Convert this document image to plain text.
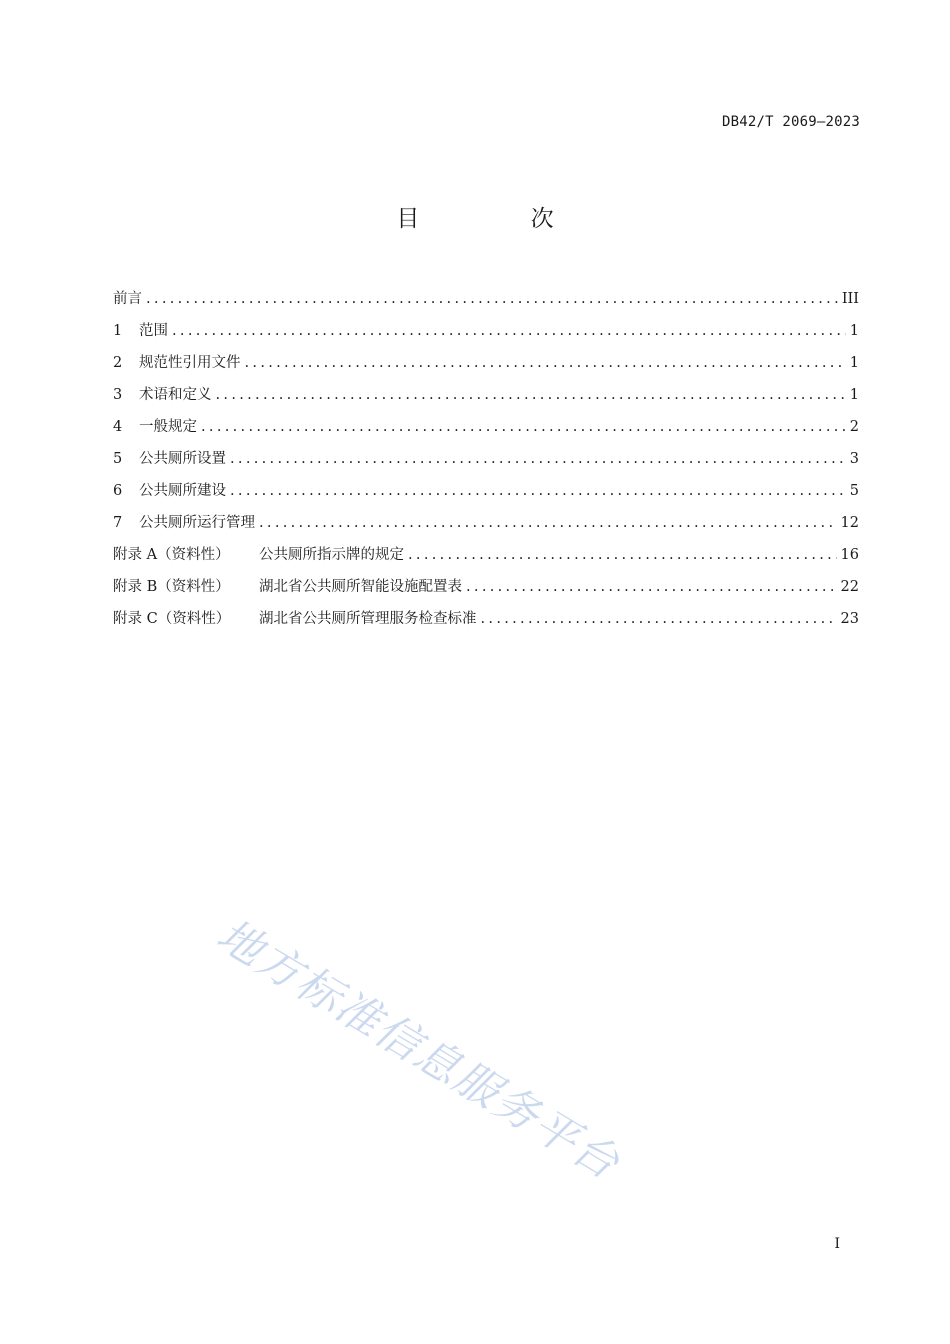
DB42/T 2069—2023
目 次
前言 .....	III
1 范围 .....	1
2 规范性引用文件 .....	1
3 术语和定义 .....	1
4 一般规定 .....	2
5 公共厕所设置 .....	3
6 公共厕所建设 .....	5
7 公共厕所运行管理 .....	12
附录 A（资料性） 公共厕所指示牌的规定 .....	16
附录 B（资料性） 湖北省公共厕所智能设施配置表 .....	22
附录 C（资料性） 湖北省公共厕所管理服务检查标准 .....	23
地方标准信息服务平台
I
